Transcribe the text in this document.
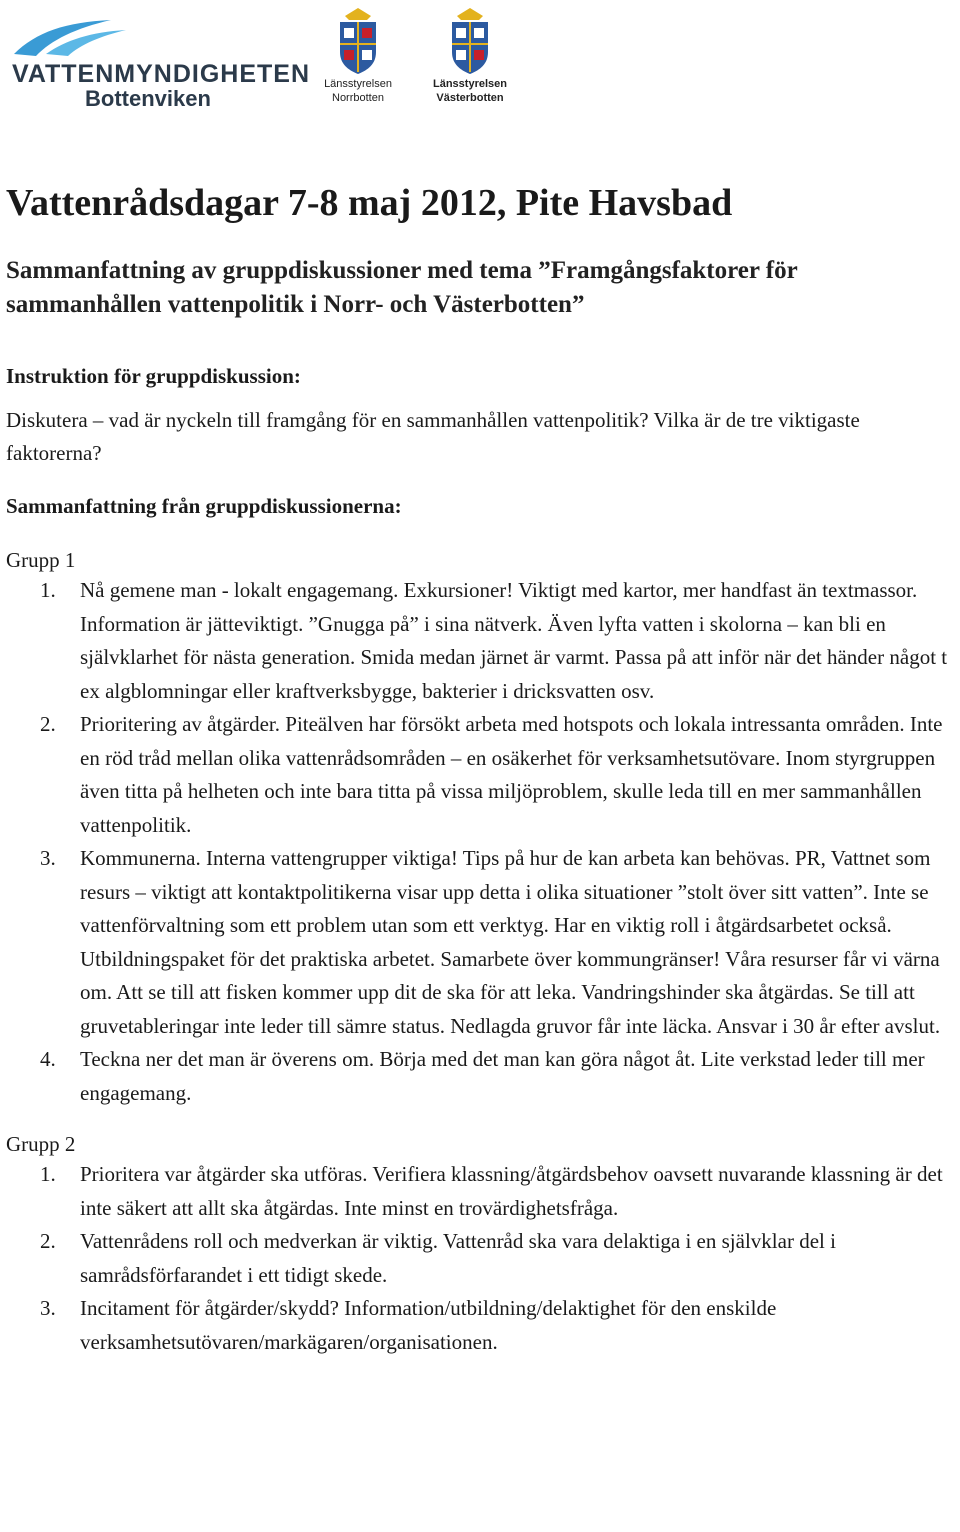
VATTENMYNDIGHETEN
Bottenviken
Länsstyrelsen
Norrbotten
Länsstyrelsen
Västerbotten
Vattenrådsdagar 7-8 maj 2012, Pite Havsbad

Sammanfattning av gruppdiskussioner med tema ”Framgångsfaktorer för sammanhållen vattenpolitik i Norr- och Västerbotten”

Instruktion för gruppdiskussion:

Diskutera – vad är nyckeln till framgång för en sammanhållen vattenpolitik? Vilka är de tre viktigaste faktorerna?

Sammanfattning från gruppdiskussionerna:

Grupp 1

1. Nå gemene man - lokalt engagemang. Exkursioner! Viktigt med kartor, mer handfast än textmassor. Information är jätteviktigt. ”Gnugga på” i sina nätverk. Även lyfta vatten i skolorna – kan bli en självklarhet för nästa generation. Smida medan järnet är varmt. Passa på att inför när det händer något t ex algblomningar eller kraftverksbygge, bakterier i dricksvatten osv.
2. Prioritering av åtgärder. Piteälven har försökt arbeta med hotspots och lokala intressanta områden. Inte en röd tråd mellan olika vattenrådsområden – en osäkerhet för verksamhetsutövare. Inom styrgruppen även titta på helheten och inte bara titta på vissa miljöproblem, skulle leda till en mer sammanhållen vattenpolitik.
3. Kommunerna. Interna vattengrupper viktiga! Tips på hur de kan arbeta kan behövas. PR, Vattnet som resurs – viktigt att kontaktpolitikerna visar upp detta i olika situationer ”stolt över sitt vatten”. Inte se vattenförvaltning som ett problem utan som ett verktyg. Har en viktig roll i åtgärdsarbetet också. Utbildningspaket för det praktiska arbetet. Samarbete över kommungränser! Våra resurser får vi värna om. Att se till att fisken kommer upp dit de ska för att leka. Vandringshinder ska åtgärdas. Se till att gruvetableringar inte leder till sämre status. Nedlagda gruvor får inte läcka. Ansvar i 30 år efter avslut.
4. Teckna ner det man är överens om. Börja med det man kan göra något åt. Lite verkstad leder till mer engagemang.

Grupp 2

1. Prioritera var åtgärder ska utföras. Verifiera klassning/åtgärdsbehov oavsett nuvarande klassning är det inte säkert att allt ska åtgärdas. Inte minst en trovärdighetsfråga.
2. Vattenrådens roll och medverkan är viktig. Vattenråd ska vara delaktiga i en självklar del i samrådsförfarandet i ett tidigt skede.
3. Incitament för åtgärder/skydd? Information/utbildning/delaktighet för den enskilde verksamhetsutövaren/markägaren/organisationen.
